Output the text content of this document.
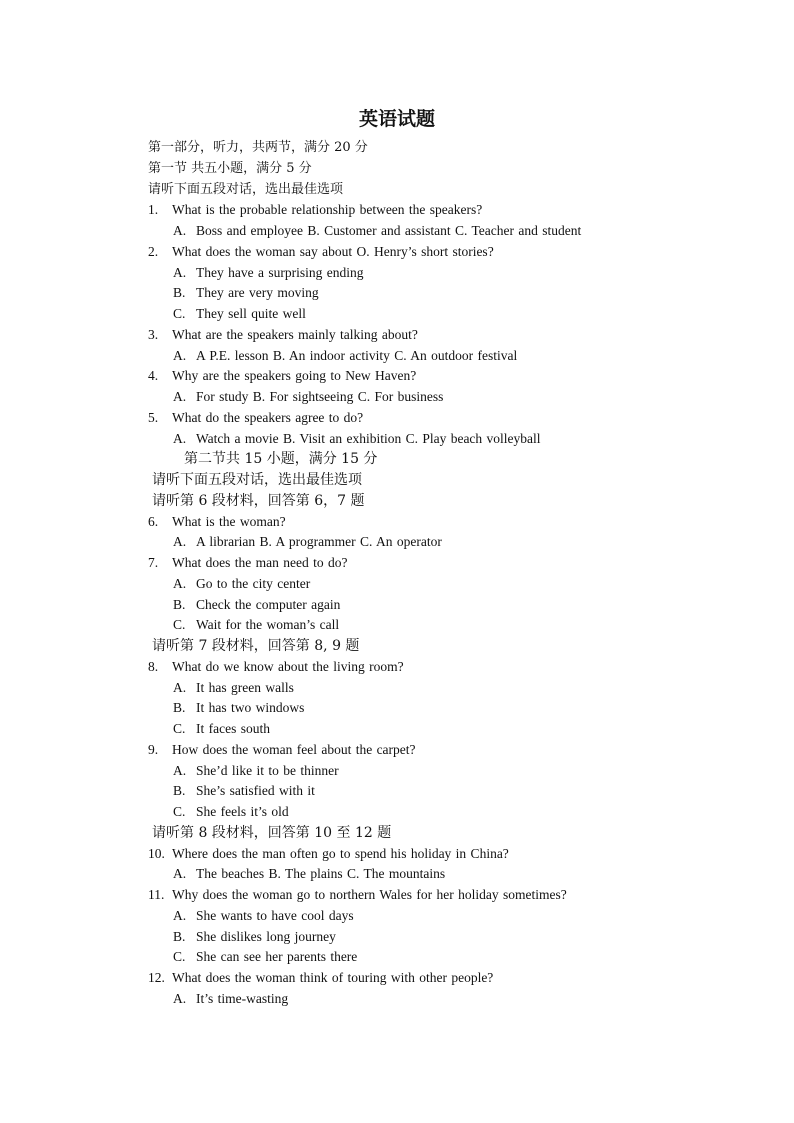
英语试题
第一部分，听力，共两节，满分 20 分
第一节 共五小题，满分 5 分
请听下面五段对话，选出最佳选项
1.	What is the probable relationship between the speakers?
A. Boss and employee B. Customer and assistant C. Teacher and student
2.	What does the woman say about O. Henry’s short stories?
A. They have a surprising ending
B. They are very moving
C. They sell quite well
3.	What are the speakers mainly talking about?
A. A P.E. lesson B. An indoor activity C. An outdoor festival
4.	Why are the speakers going to New Haven?
A. For study B. For sightseeing C. For business
5.	What do the speakers agree to do?
A. Watch a movie B. Visit an exhibition C. Play beach volleyball
第二节共 15 小题，满分 15 分
请听下面五段对话，选出最佳选项
请听第 6 段材料，回答第 6，7 题
6.	What is the woman?
A. A librarian B. A programmer C. An operator
7.	What does the man need to do?
A. Go to the city center
B. Check the computer again
C. Wait for the woman’s call
请听第 7 段材料，回答第 8, 9 题
8.	What do we know about the living room?
A. It has green walls
B. It has two windows
C. It faces south
9.	How does the woman feel about the carpet?
A. She’d like it to be thinner
B. She’s satisfied with it
C. She feels it’s old
请听第 8 段材料，回答第 10 至 12 题
10. Where does the man often go to spend his holiday in China?
A. The beaches B. The plains C. The mountains
11. Why does the woman go to northern Wales for her holiday sometimes?
A. She wants to have cool days
B. She dislikes long journey
C. She can see her parents there
12. What does the woman think of touring with other people?
A. It’s time-wasting
